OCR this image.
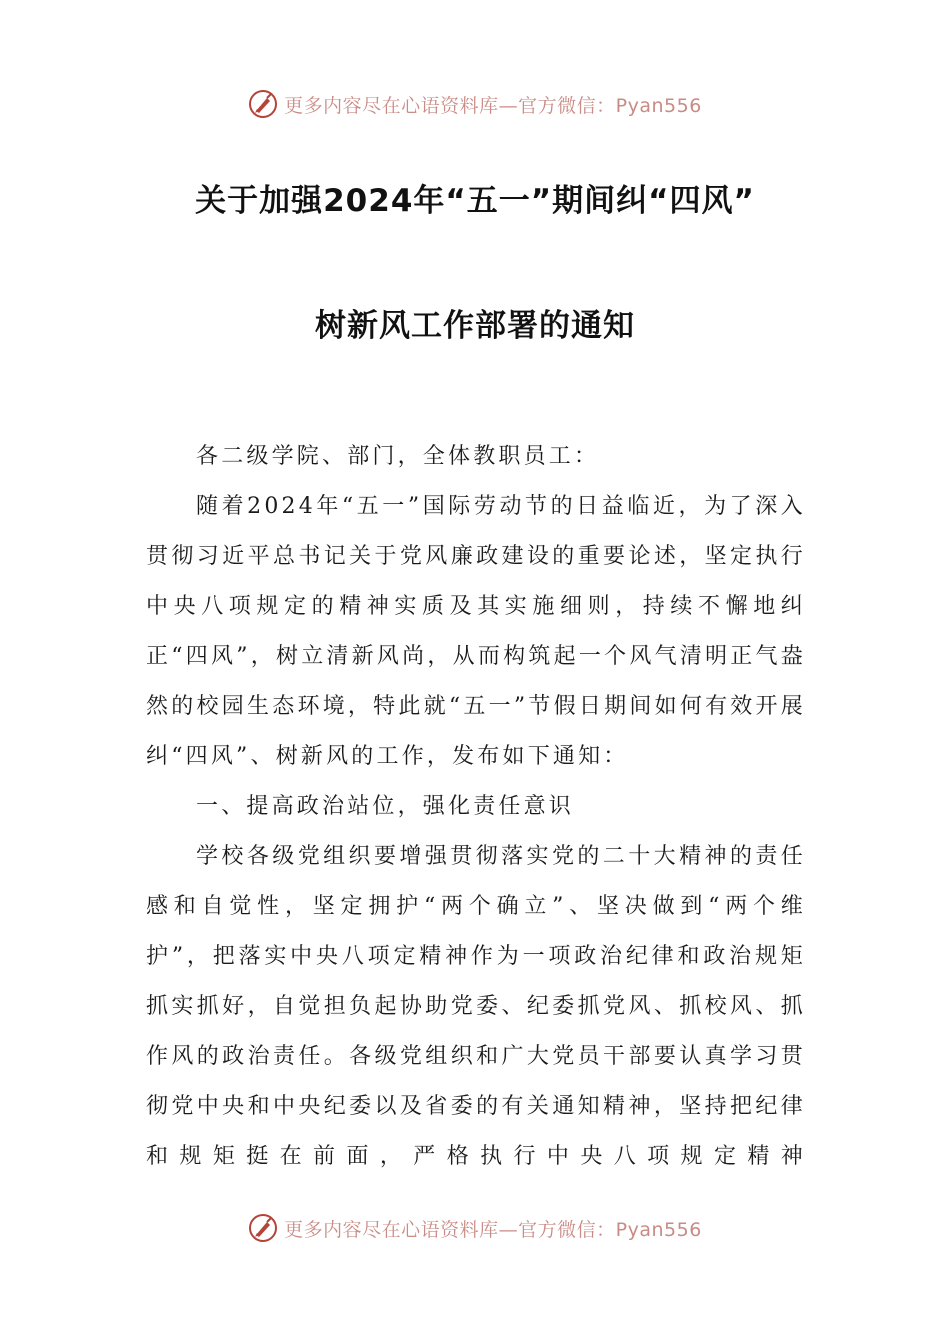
更多内容尽在心语资料库—官方微信：Pyan556
关于加强2024年“五一”期间纠“四风”
树新风工作部署的通知

各二级学院、部门，全体教职员工：

随着2024年“五一”国际劳动节的日益临近，为了深入贯彻习近平总书记关于党风廉政建设的重要论述，坚定执行中央八项规定的精神实质及其实施细则，持续不懈地纠正“四风”，树立清新风尚，从而构筑起一个风气清明正气盎然的校园生态环境，特此就“五一”节假日期间如何有效开展纠“四风”、树新风的工作，发布如下通知：

一、提高政治站位，强化责任意识

学校各级党组织要增强贯彻落实党的二十大精神的责任感和自觉性，坚定拥护“两个确立”、坚决做到“两个维护”，把落实中央八项定精神作为一项政治纪律和政治规矩抓实抓好，自觉担负起协助党委、纪委抓党风、抓校风、抓作风的政治责任。各级党组织和广大党员干部要认真学习贯彻党中央和中央纪委以及省委的有关通知精神，坚持把纪律和规矩挺在前面，严格执行中央八项规定精神

更多内容尽在心语资料库—官方微信：Pyan556
